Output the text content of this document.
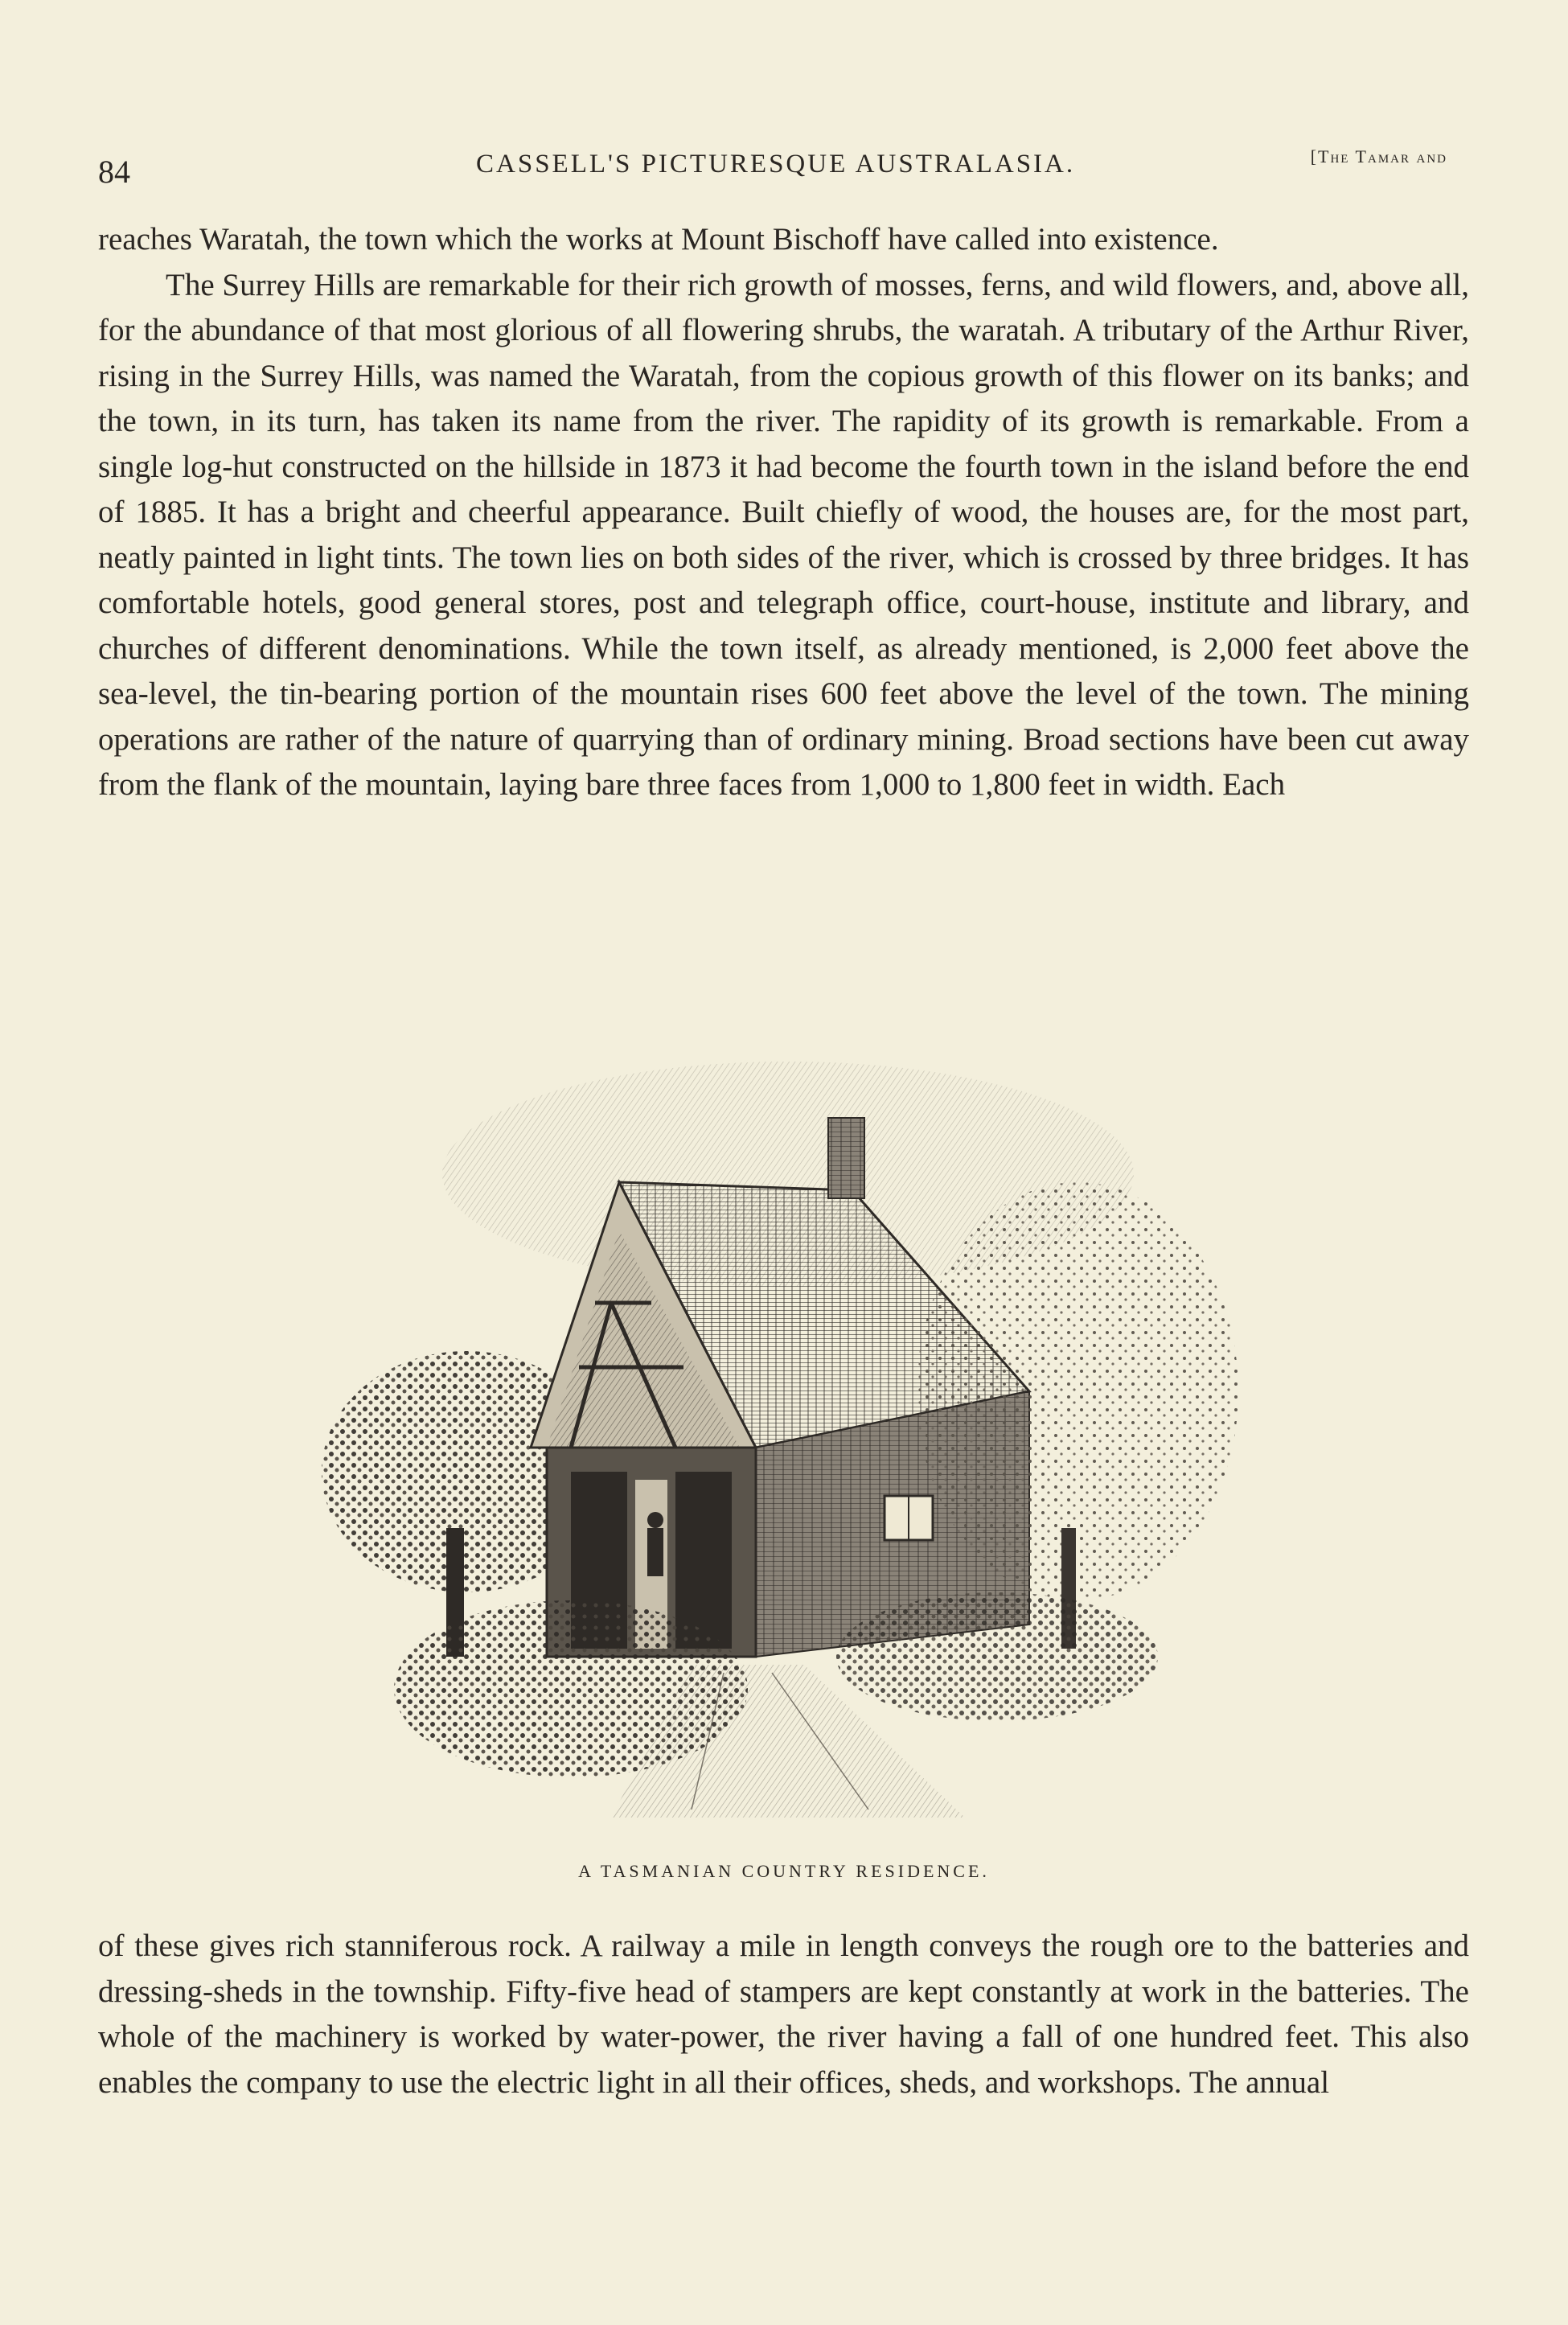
84	CASSELL'S PICTURESQUE AUSTRALASIA.	[The Tamar and

reaches Waratah, the town which the works at Mount Bischoff have called into existence.

The Surrey Hills are remarkable for their rich growth of mosses, ferns, and wild flowers, and, above all, for the abundance of that most glorious of all flowering shrubs, the waratah. A tributary of the Arthur River, rising in the Surrey Hills, was named the Waratah, from the copious growth of this flower on its banks; and the town, in its turn, has taken its name from the river. The rapidity of its growth is remarkable. From a single log-hut constructed on the hillside in 1873 it had become the fourth town in the island before the end of 1885. It has a bright and cheerful appearance. Built chiefly of wood, the houses are, for the most part, neatly painted in light tints. The town lies on both sides of the river, which is crossed by three bridges. It has comfortable hotels, good general stores, post and telegraph office, court-house, institute and library, and churches of different denominations. While the town itself, as already mentioned, is 2,000 feet above the sea-level, the tin-bearing portion of the mountain rises 600 feet above the level of the town. The mining operations are rather of the nature of quarrying than of ordinary mining. Broad sections have been cut away from the flank of the mountain, laying bare three faces from 1,000 to 1,800 feet in width. Each

A TASMANIAN COUNTRY RESIDENCE.

of these gives rich stanniferous rock. A railway a mile in length conveys the rough ore to the batteries and dressing-sheds in the township. Fifty-five head of stampers are kept constantly at work in the batteries. The whole of the machinery is worked by water-power, the river having a fall of one hundred feet. This also enables the company to use the electric light in all their offices, sheds, and workshops. The annual
